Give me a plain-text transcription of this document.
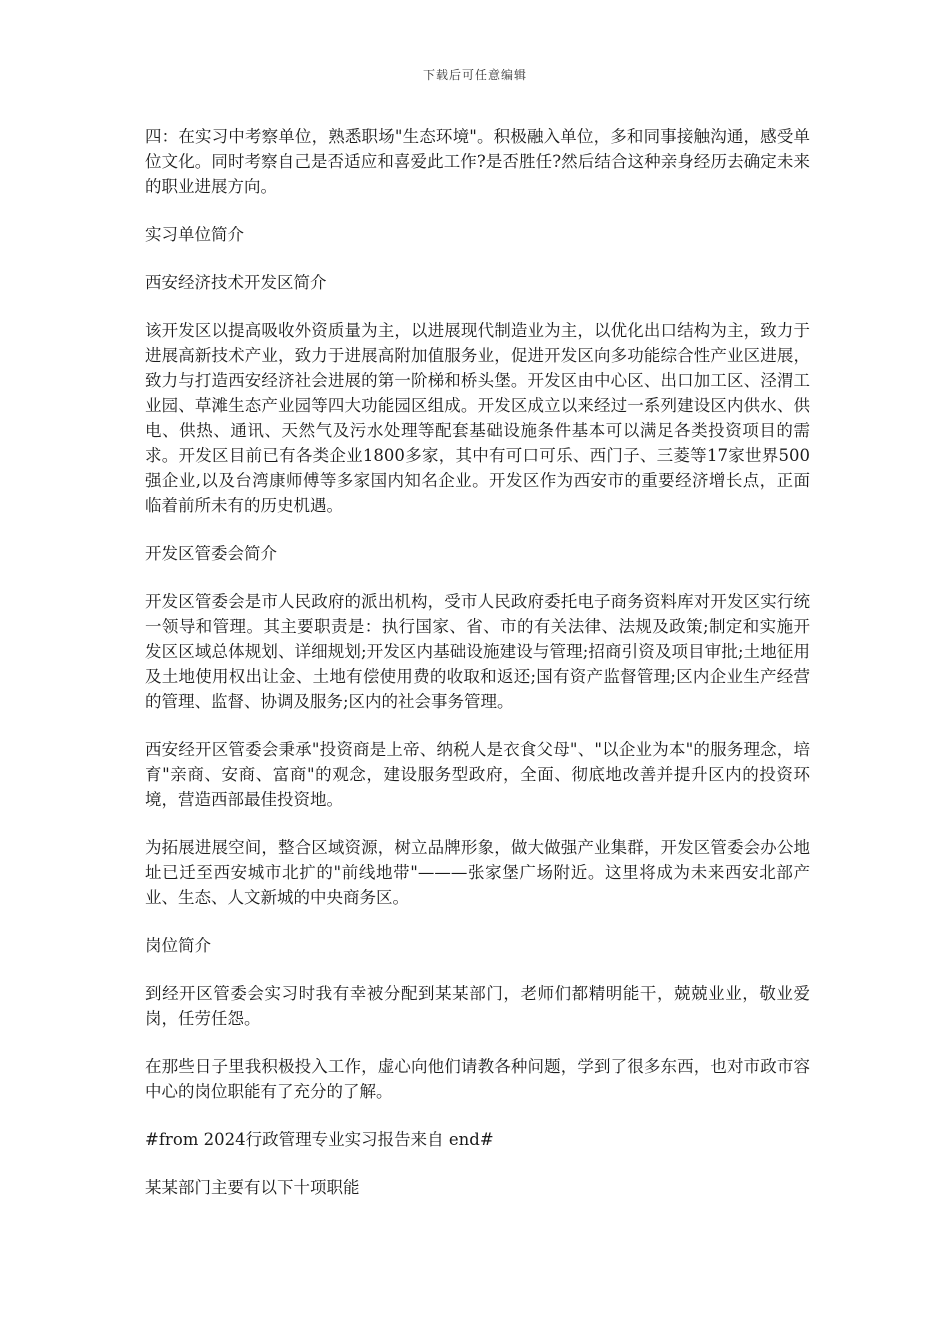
下载后可任意编辑

四：在实习中考察单位，熟悉职场"生态环境"。积极融入单位，多和同事接触沟通，感受单位文化。同时考察自己是否适应和喜爱此工作?是否胜任?然后结合这种亲身经历去确定未来的职业进展方向。

实习单位简介

西安经济技术开发区简介

该开发区以提高吸收外资质量为主，以进展现代制造业为主，以优化出口结构为主，致力于进展高新技术产业，致力于进展高附加值服务业，促进开发区向多功能综合性产业区进展，致力与打造西安经济社会进展的第一阶梯和桥头堡。开发区由中心区、出口加工区、泾渭工业园、草滩生态产业园等四大功能园区组成。开发区成立以来经过一系列建设区内供水、供电、供热、通讯、天然气及污水处理等配套基础设施条件基本可以满足各类投资项目的需求。开发区目前已有各类企业1800多家，其中有可口可乐、西门子、三菱等17家世界500强企业,以及台湾康师傅等多家国内知名企业。开发区作为西安市的重要经济增长点，正面临着前所未有的历史机遇。

开发区管委会简介

开发区管委会是市人民政府的派出机构，受市人民政府委托电子商务资料库对开发区实行统一领导和管理。其主要职责是：执行国家、省、市的有关法律、法规及政策;制定和实施开发区区域总体规划、详细规划;开发区内基础设施建设与管理;招商引资及项目审批;土地征用及土地使用权出让金、土地有偿使用费的收取和返还;国有资产监督管理;区内企业生产经营的管理、监督、协调及服务;区内的社会事务管理。

西安经开区管委会秉承"投资商是上帝、纳税人是衣食父母"、"以企业为本"的服务理念，培育"亲商、安商、富商"的观念，建设服务型政府，全面、彻底地改善并提升区内的投资环境，营造西部最佳投资地。

为拓展进展空间，整合区域资源，树立品牌形象，做大做强产业集群，开发区管委会办公地址已迁至西安城市北扩的"前线地带"———张家堡广场附近。这里将成为未来西安北部产业、生态、人文新城的中央商务区。

岗位简介

到经开区管委会实习时我有幸被分配到某某部门，老师们都精明能干，兢兢业业，敬业爱岗，任劳任怨。

在那些日子里我积极投入工作，虚心向他们请教各种问题，学到了很多东西，也对市政市容中心的岗位职能有了充分的了解。

#from 2024行政管理专业实习报告来自 end#

某某部门主要有以下十项职能
